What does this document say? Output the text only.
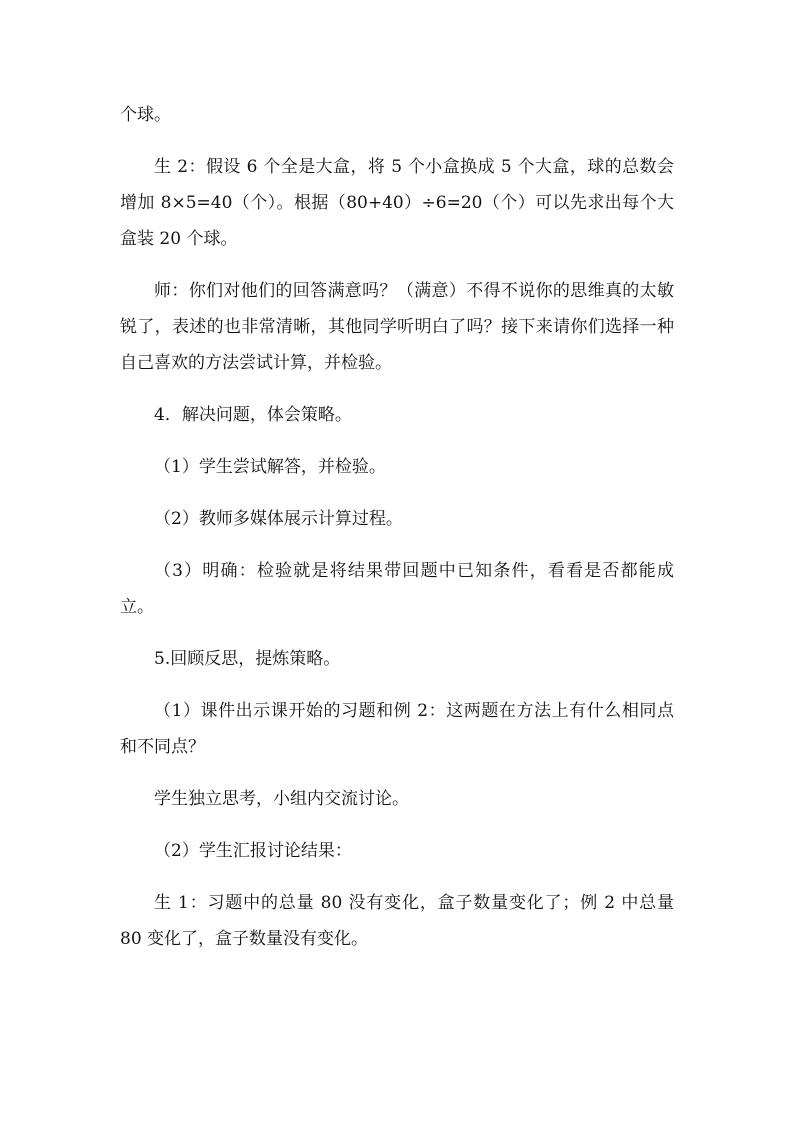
个球。

生 2：假设 6 个全是大盒，将 5 个小盒换成 5 个大盒，球的总数会增加 8×5=40（个）。根据（80+40）÷6=20（个）可以先求出每个大盒装 20 个球。

师：你们对他们的回答满意吗？（满意）不得不说你的思维真的太敏锐了，表述的也非常清晰，其他同学听明白了吗？接下来请你们选择一种自己喜欢的方法尝试计算，并检验。

4．解决问题，体会策略。

（1）学生尝试解答，并检验。

（2）教师多媒体展示计算过程。

（3）明确：检验就是将结果带回题中已知条件，看看是否都能成立。

5.回顾反思，提炼策略。

（1）课件出示课开始的习题和例 2：这两题在方法上有什么相同点和不同点？

学生独立思考，小组内交流讨论。

（2）学生汇报讨论结果：

生 1：习题中的总量 80 没有变化，盒子数量变化了；例 2 中总量 80 变化了，盒子数量没有变化。
